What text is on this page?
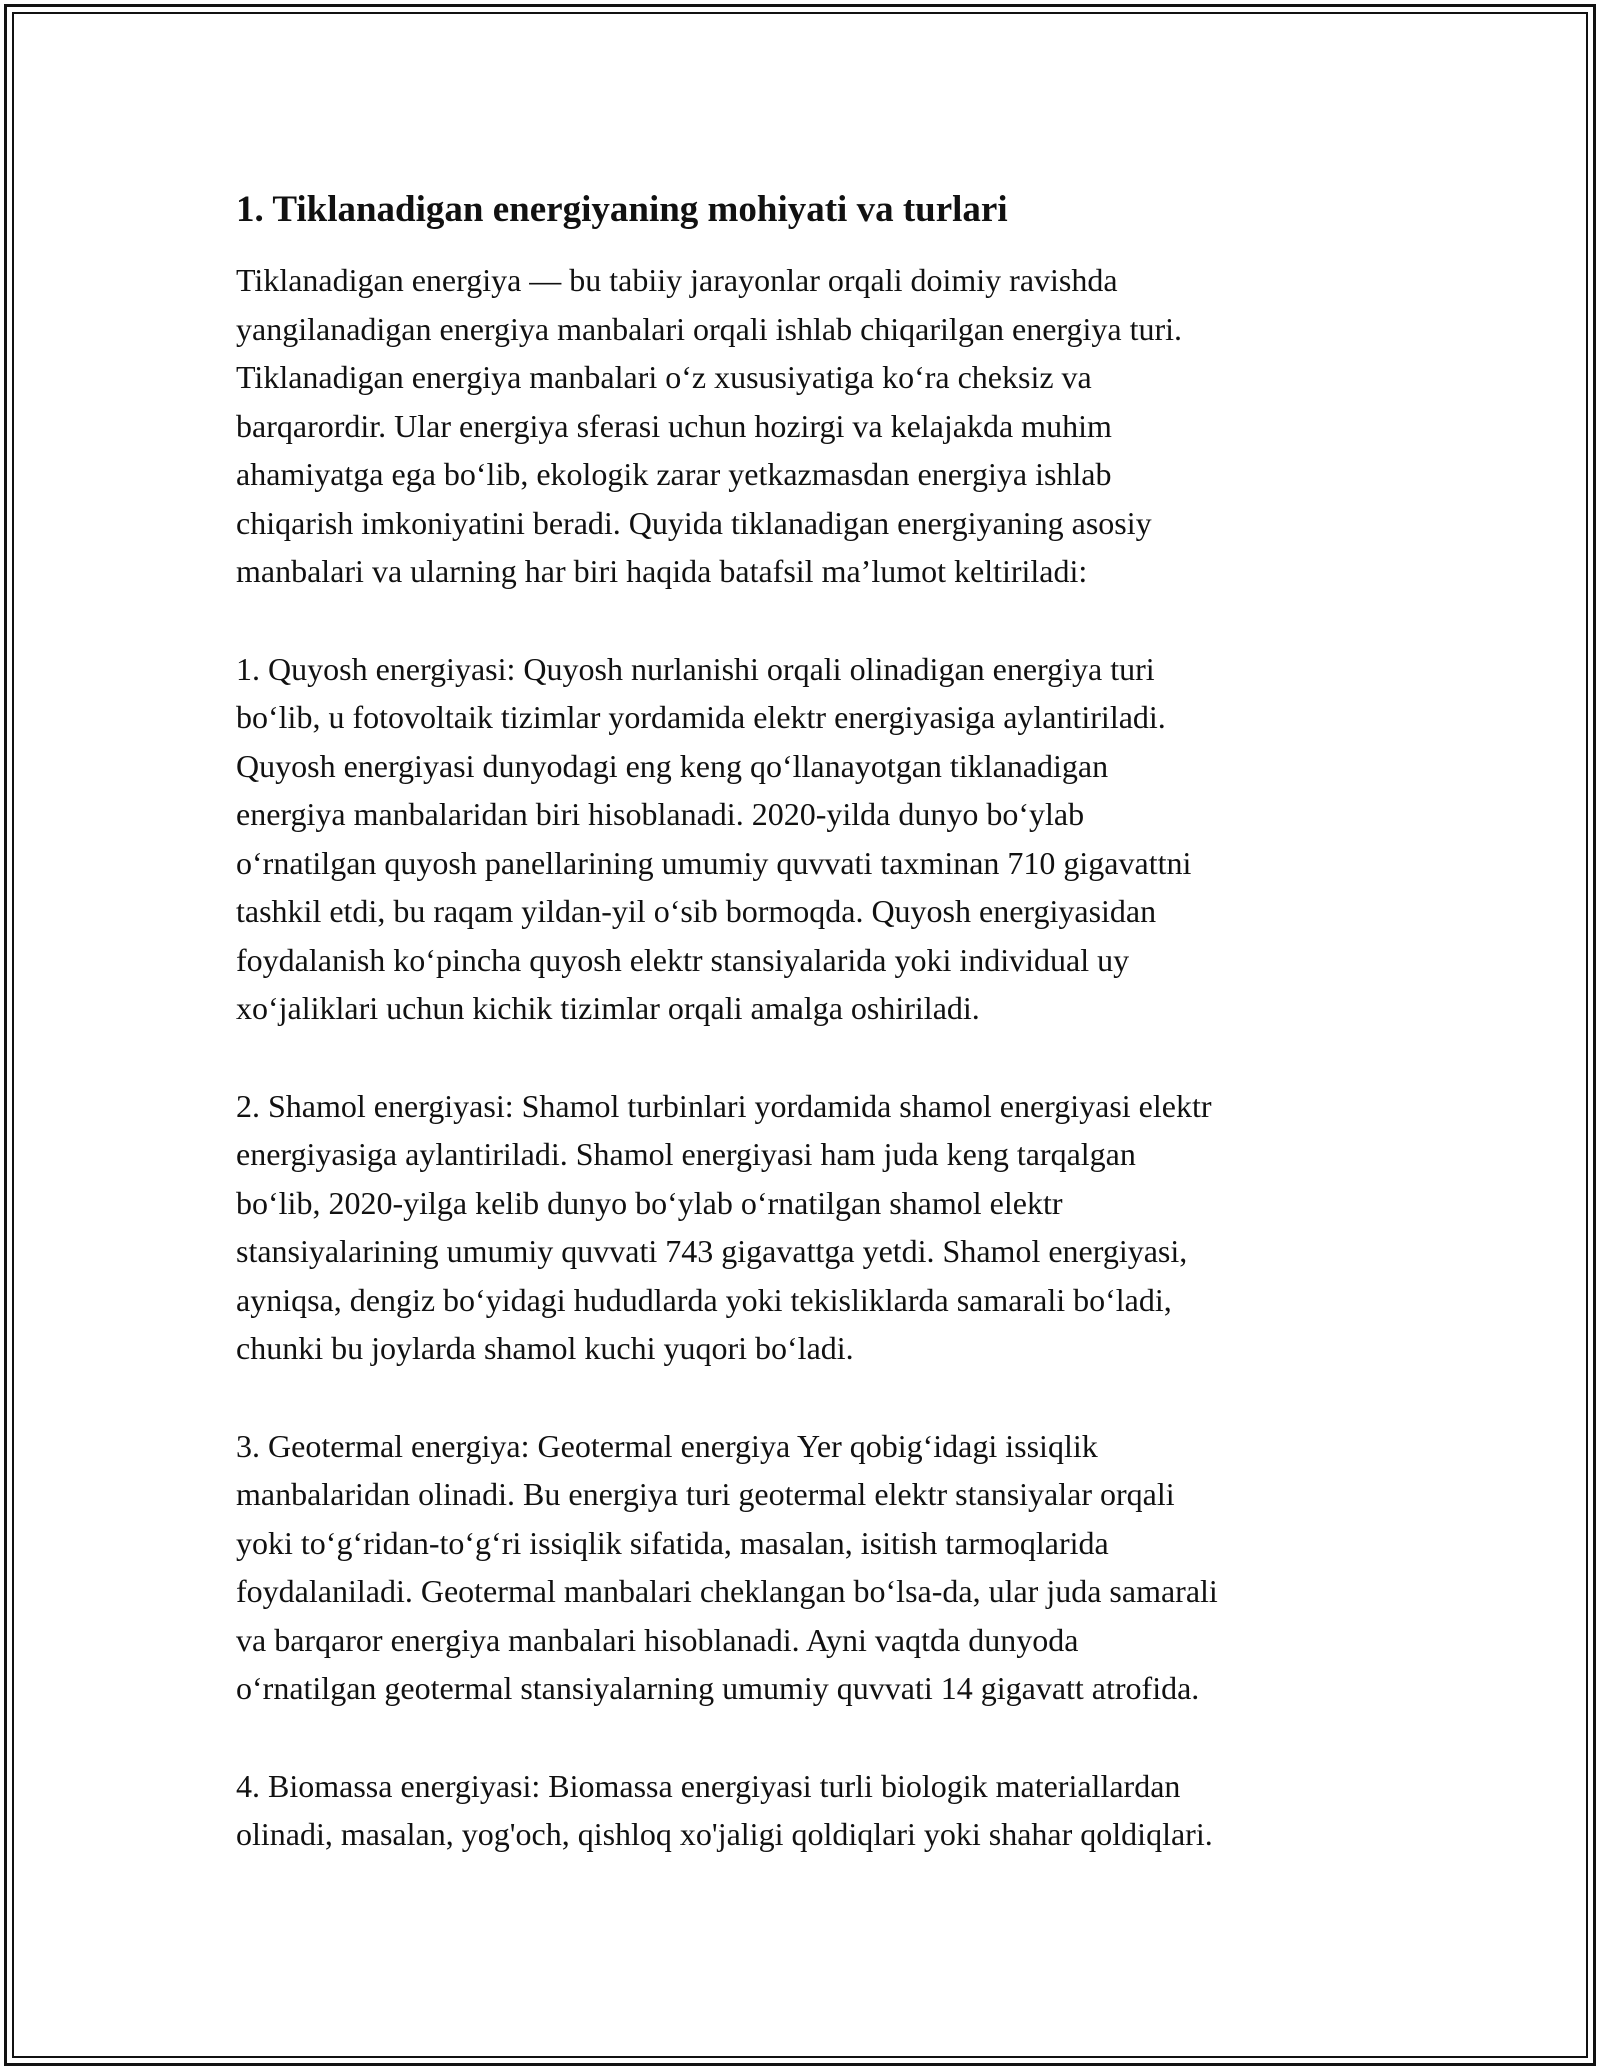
1. Tiklanadigan energiyaning mohiyati va turlari

Tiklanadigan energiya — bu tabiiy jarayonlar orqali doimiy ravishda
yangilanadigan energiya manbalari orqali ishlab chiqarilgan energiya turi.
Tiklanadigan energiya manbalari o‘z xususiyatiga ko‘ra cheksiz va
barqarordir. Ular energiya sferasi uchun hozirgi va kelajakda muhim
ahamiyatga ega bo‘lib, ekologik zarar yetkazmasdan energiya ishlab
chiqarish imkoniyatini beradi. Quyida tiklanadigan energiyaning asosiy
manbalari va ularning har biri haqida batafsil ma’lumot keltiriladi:

1. Quyosh energiyasi: Quyosh nurlanishi orqali olinadigan energiya turi
bo‘lib, u fotovoltaik tizimlar yordamida elektr energiyasiga aylantiriladi.
Quyosh energiyasi dunyodagi eng keng qo‘llanayotgan tiklanadigan
energiya manbalaridan biri hisoblanadi. 2020-yilda dunyo bo‘ylab
o‘rnatilgan quyosh panellarining umumiy quvvati taxminan 710 gigavattni
tashkil etdi, bu raqam yildan-yil o‘sib bormoqda. Quyosh energiyasidan
foydalanish ko‘pincha quyosh elektr stansiyalarida yoki individual uy
xo‘jaliklari uchun kichik tizimlar orqali amalga oshiriladi.

2. Shamol energiyasi: Shamol turbinlari yordamida shamol energiyasi elektr
energiyasiga aylantiriladi. Shamol energiyasi ham juda keng tarqalgan
bo‘lib, 2020-yilga kelib dunyo bo‘ylab o‘rnatilgan shamol elektr
stansiyalarining umumiy quvvati 743 gigavattga yetdi. Shamol energiyasi,
ayniqsa, dengiz bo‘yidagi hududlarda yoki tekisliklarda samarali bo‘ladi,
chunki bu joylarda shamol kuchi yuqori bo‘ladi.

3. Geotermal energiya: Geotermal energiya Yer qobig‘idagi issiqlik
manbalaridan olinadi. Bu energiya turi geotermal elektr stansiyalar orqali
yoki to‘g‘ridan-to‘g‘ri issiqlik sifatida, masalan, isitish tarmoqlarida
foydalaniladi. Geotermal manbalari cheklangan bo‘lsa-da, ular juda samarali
va barqaror energiya manbalari hisoblanadi. Ayni vaqtda dunyoda
o‘rnatilgan geotermal stansiyalarning umumiy quvvati 14 gigavatt atrofida.

4. Biomassa energiyasi: Biomassa energiyasi turli biologik materiallardan
olinadi, masalan, yog'och, qishloq xo'jaligi qoldiqlari yoki shahar qoldiqlari.
